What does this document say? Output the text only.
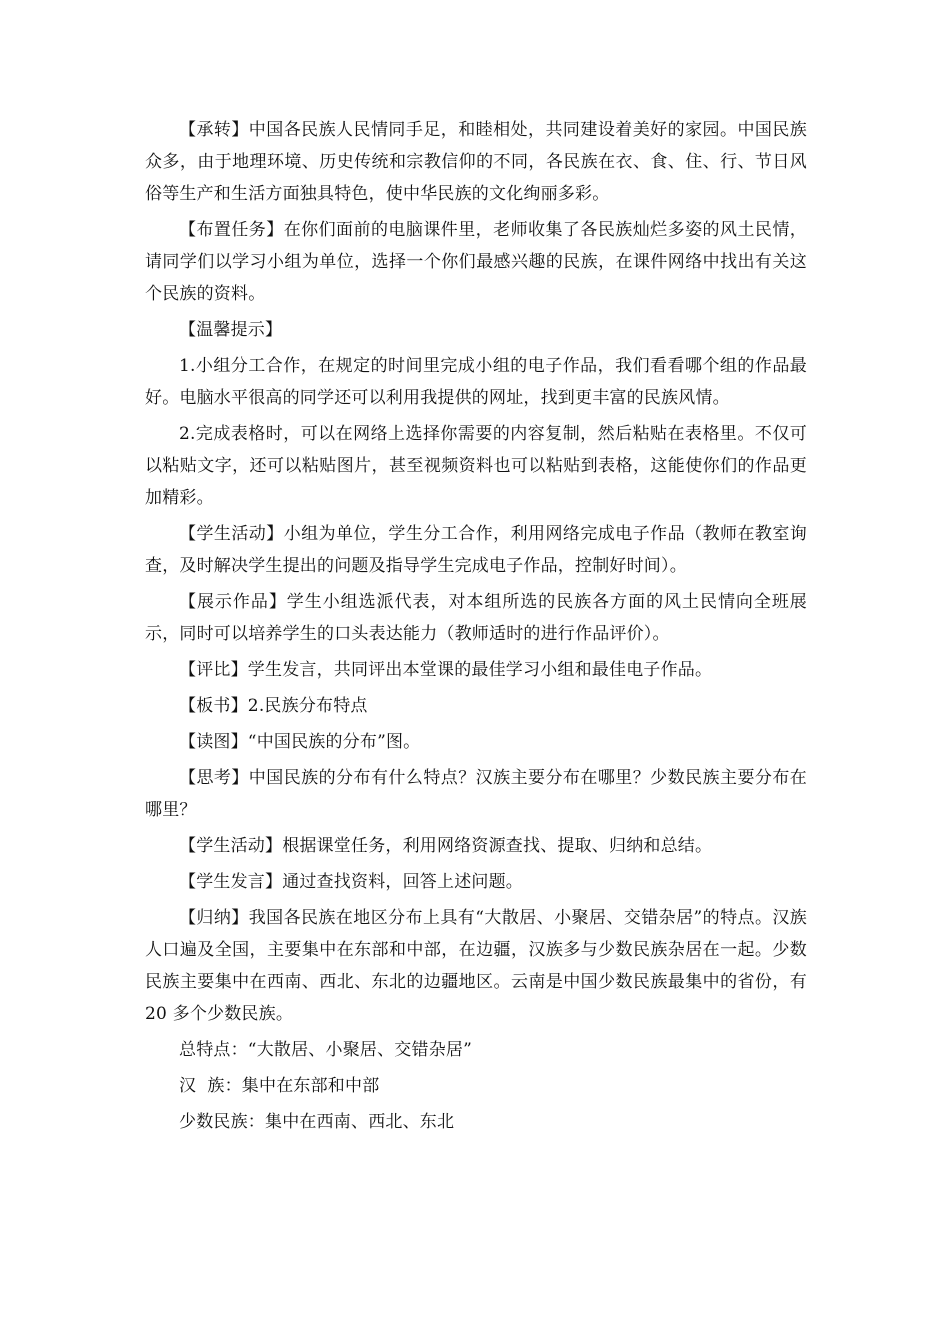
【承转】中国各民族人民情同手足，和睦相处，共同建设着美好的家园。中国民族众多，由于地理环境、历史传统和宗教信仰的不同，各民族在衣、食、住、行、节日风俗等生产和生活方面独具特色，使中华民族的文化绚丽多彩。

【布置任务】在你们面前的电脑课件里，老师收集了各民族灿烂多姿的风土民情，请同学们以学习小组为单位，选择一个你们最感兴趣的民族，在课件网络中找出有关这个民族的资料。

【温馨提示】

1.小组分工合作，在规定的时间里完成小组的电子作品，我们看看哪个组的作品最好。电脑水平很高的同学还可以利用我提供的网址，找到更丰富的民族风情。

2.完成表格时，可以在网络上选择你需要的内容复制，然后粘贴在表格里。不仅可以粘贴文字，还可以粘贴图片，甚至视频资料也可以粘贴到表格，这能使你们的作品更加精彩。

【学生活动】小组为单位，学生分工合作，利用网络完成电子作品（教师在教室询查，及时解决学生提出的问题及指导学生完成电子作品，控制好时间）。

【展示作品】学生小组选派代表，对本组所选的民族各方面的风土民情向全班展示，同时可以培养学生的口头表达能力（教师适时的进行作品评价）。

【评比】学生发言，共同评出本堂课的最佳学习小组和最佳电子作品。

【板书】2.民族分布特点

【读图】“中国民族的分布”图。

【思考】中国民族的分布有什么特点？汉族主要分布在哪里？少数民族主要分布在哪里？

【学生活动】根据课堂任务，利用网络资源查找、提取、归纳和总结。

【学生发言】通过查找资料，回答上述问题。

【归纳】我国各民族在地区分布上具有“大散居、小聚居、交错杂居”的特点。汉族人口遍及全国，主要集中在东部和中部，在边疆，汉族多与少数民族杂居在一起。少数民族主要集中在西南、西北、东北的边疆地区。云南是中国少数民族最集中的省份，有 20 多个少数民族。

总特点：“大散居、小聚居、交错杂居”

汉  族：集中在东部和中部

少数民族：集中在西南、西北、东北
